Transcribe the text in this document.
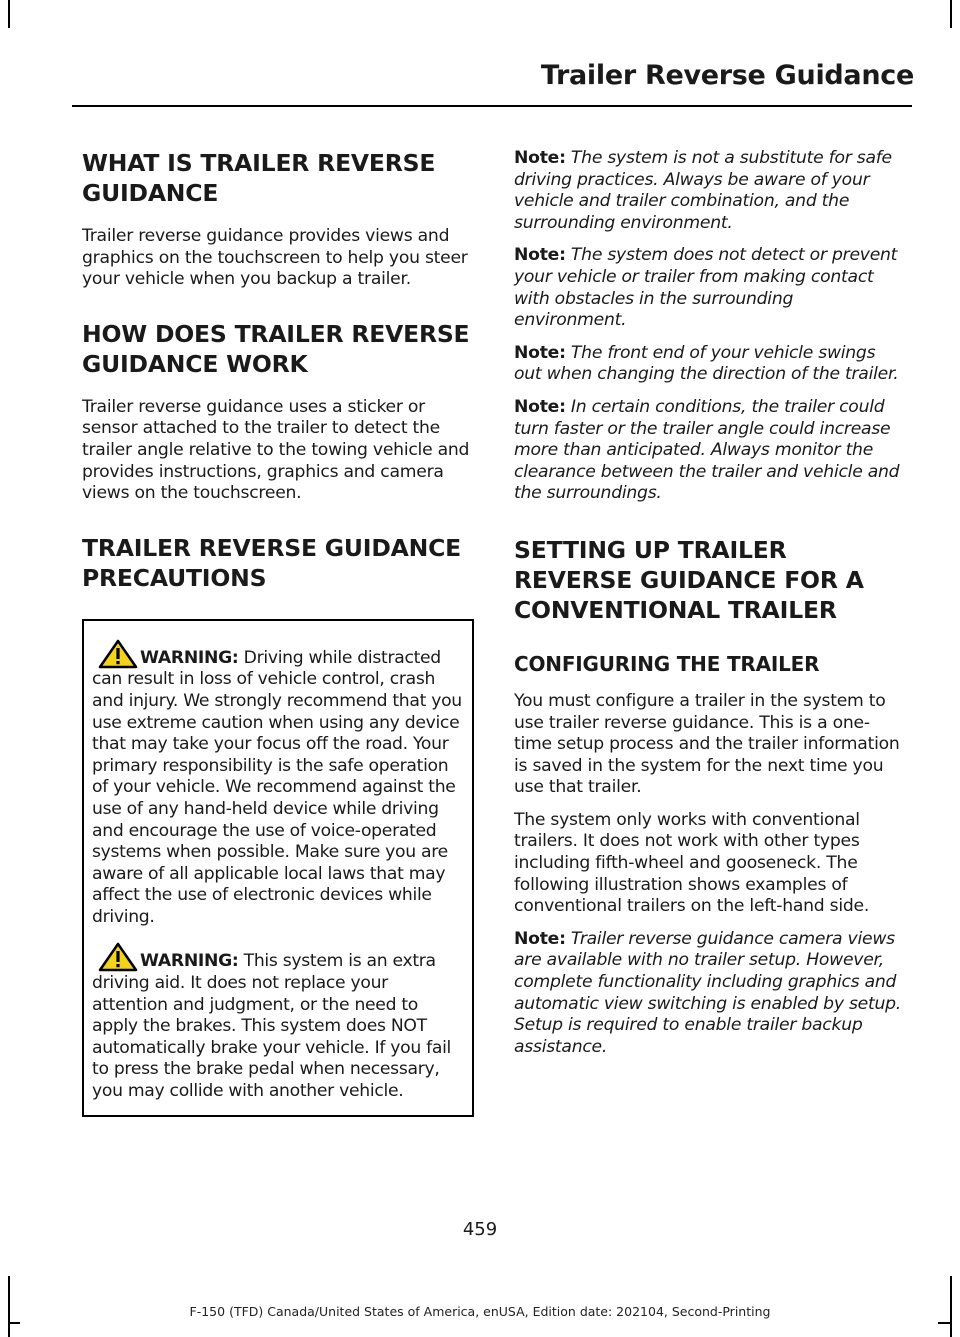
Trailer Reverse Guidance
WHAT IS TRAILER REVERSE GUIDANCE
Trailer reverse guidance provides views and graphics on the touchscreen to help you steer your vehicle when you backup a trailer.
HOW DOES TRAILER REVERSE GUIDANCE WORK
Trailer reverse guidance uses a sticker or sensor attached to the trailer to detect the trailer angle relative to the towing vehicle and provides instructions, graphics and camera views on the touchscreen.
TRAILER REVERSE GUIDANCE PRECAUTIONS
WARNING: Driving while distracted can result in loss of vehicle control, crash and injury. We strongly recommend that you use extreme caution when using any device that may take your focus off the road. Your primary responsibility is the safe operation of your vehicle. We recommend against the use of any hand-held device while driving and encourage the use of voice-operated systems when possible. Make sure you are aware of all applicable local laws that may affect the use of electronic devices while driving.
WARNING: This system is an extra driving aid. It does not replace your attention and judgment, or the need to apply the brakes. This system does NOT automatically brake your vehicle. If you fail to press the brake pedal when necessary, you may collide with another vehicle.
Note: The system is not a substitute for safe driving practices. Always be aware of your vehicle and trailer combination, and the surrounding environment.
Note: The system does not detect or prevent your vehicle or trailer from making contact with obstacles in the surrounding environment.
Note: The front end of your vehicle swings out when changing the direction of the trailer.
Note: In certain conditions, the trailer could turn faster or the trailer angle could increase more than anticipated. Always monitor the clearance between the trailer and vehicle and the surroundings.
SETTING UP TRAILER REVERSE GUIDANCE FOR A CONVENTIONAL TRAILER
CONFIGURING THE TRAILER
You must configure a trailer in the system to use trailer reverse guidance. This is a one-time setup process and the trailer information is saved in the system for the next time you use that trailer.
The system only works with conventional trailers. It does not work with other types including fifth-wheel and gooseneck. The following illustration shows examples of conventional trailers on the left-hand side.
Note: Trailer reverse guidance camera views are available with no trailer setup. However, complete functionality including graphics and automatic view switching is enabled by setup. Setup is required to enable trailer backup assistance.
459
F-150 (TFD) Canada/United States of America, enUSA, Edition date: 202104, Second-Printing
